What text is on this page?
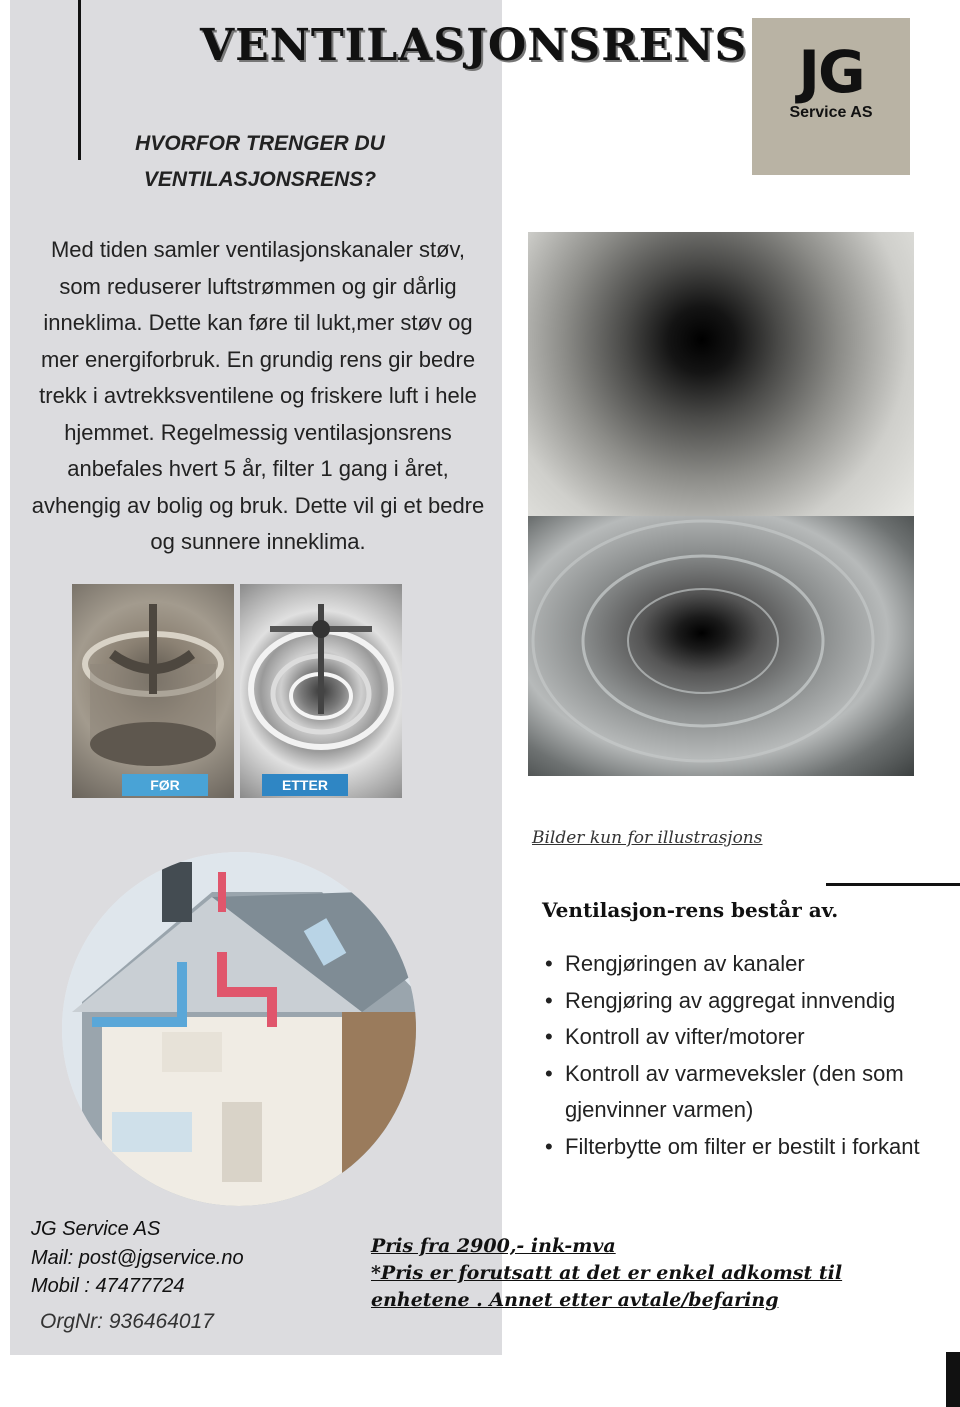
VENTILASJONSRENS JG
Service AS
HVORFOR TRENGER DU VENTILASJONSRENS?
Med tiden samler ventilasjonskanaler støv, som reduserer luftstrømmen og gir dårlig inneklima. Dette kan føre til lukt,mer støv og mer energiforbruk. En grundig rens gir bedre trekk i avtrekksventilene og friskere luft i hele hjemmet. Regelmessig ventilasjonsrens anbefales hvert 5 år, filter 1 gang i året, avhengig av bolig og bruk. Dette vil gi et bedre og sunnere inneklima.
FØR	ETTER
Bilder kun for illustrasjons
Ventilasjon-rens består av.
• Rengjøringen av kanaler
• Rengjøring av aggregat innvendig
• Kontroll av vifter/motorer
• Kontroll av varmeveksler (den som gjenvinner varmen)
• Filterbytte om filter er bestilt i forkant
JG Service AS
Mail: post@jgservice.no
Mobil : 47477724
OrgNr: 936464017
Pris fra 2900,- ink-mva
*Pris er forutsatt at det er enkel adkomst til enhetene . Annet etter avtale/befaring
